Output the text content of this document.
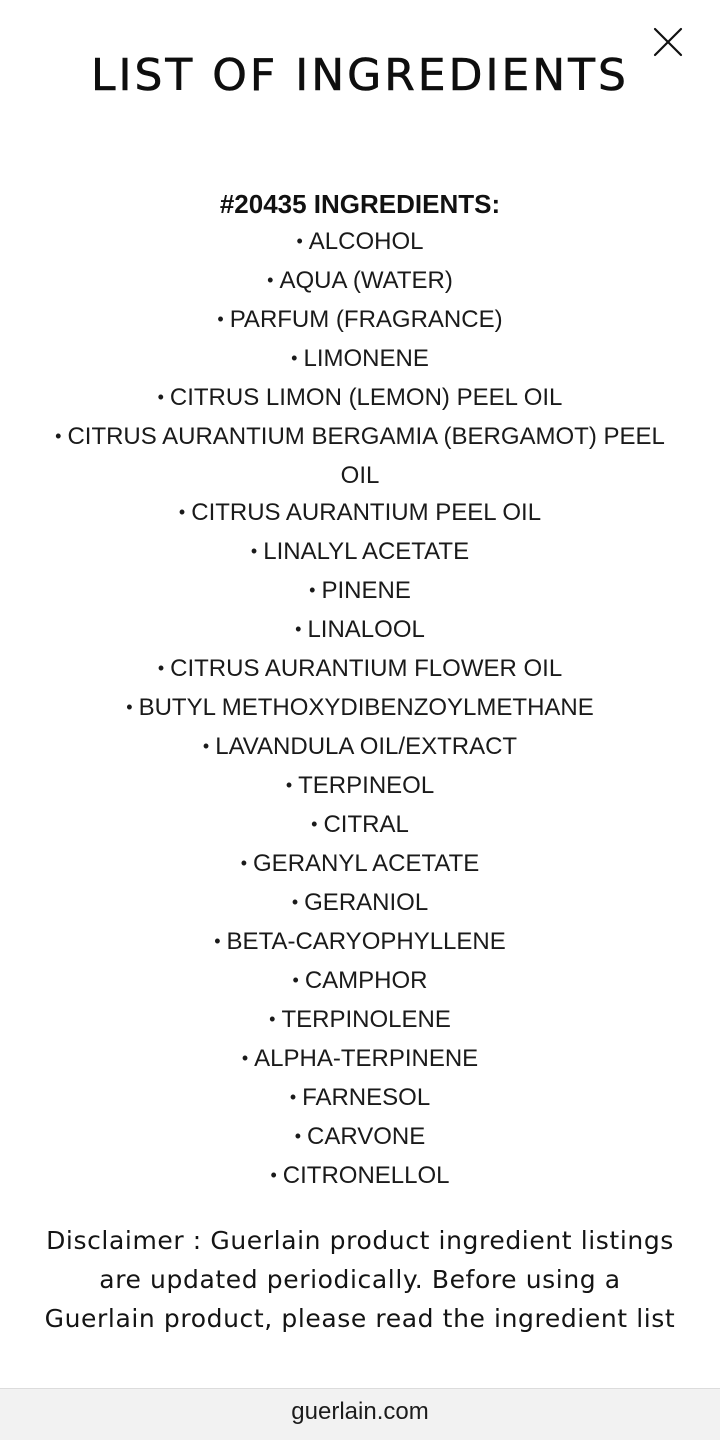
LIST OF INGREDIENTS
#20435 INGREDIENTS:
• ALCOHOL
• AQUA (WATER)
• PARFUM (FRAGRANCE)
• LIMONENE
• CITRUS LIMON (LEMON) PEEL OIL
• CITRUS AURANTIUM BERGAMIA (BERGAMOT) PEEL OIL
• CITRUS AURANTIUM PEEL OIL
• LINALYL ACETATE
• PINENE
• LINALOOL
• CITRUS AURANTIUM FLOWER OIL
• BUTYL METHOXYDIBENZOYLMETHANE
• LAVANDULA OIL/EXTRACT
• TERPINEOL
• CITRAL
• GERANYL ACETATE
• GERANIOL
• BETA-CARYOPHYLLENE
• CAMPHOR
• TERPINOLENE
• ALPHA-TERPINENE
• FARNESOL
• CARVONE
• CITRONELLOL

Disclaimer : Guerlain product ingredient listings are updated periodically. Before using a Guerlain product, please read the ingredient list

guerlain.com
